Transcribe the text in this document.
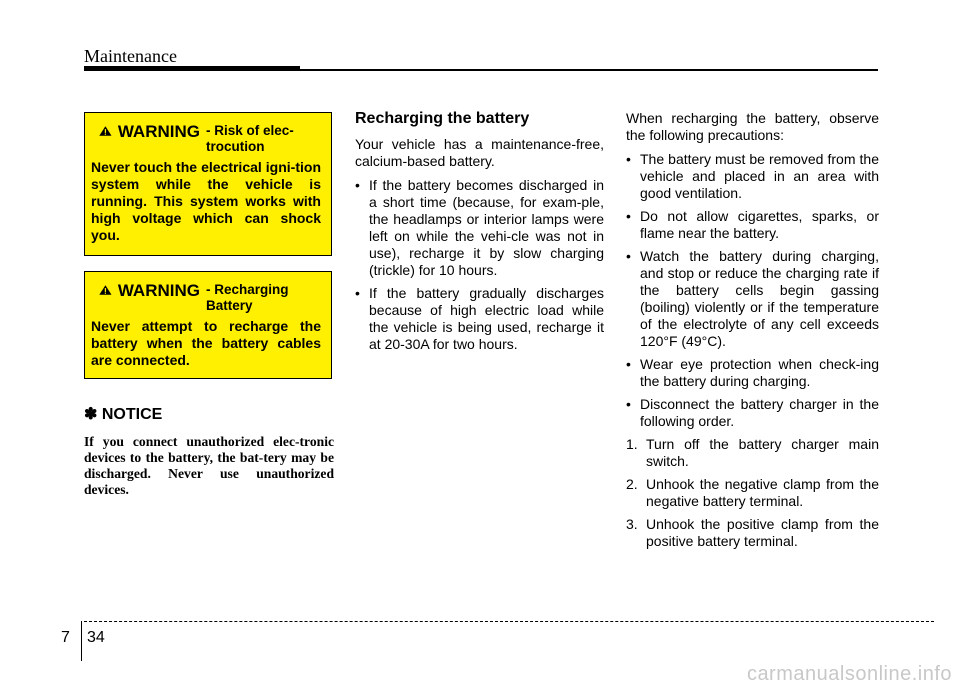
Maintenance
WARNING - Risk of elec-trocution
Never touch the electrical igni-tion system while the vehicle is running. This system works with high voltage which can shock you.
WARNING - Recharging Battery
Never attempt to recharge the battery when the battery cables are connected.
✽ NOTICE
If you connect unauthorized elec-tronic devices to the battery, the bat-tery may be discharged. Never use unauthorized devices.
Recharging the battery
Your vehicle has a maintenance-free, calcium-based battery.
• If the battery becomes discharged in a short time (because, for exam-ple, the headlamps or interior lamps were left on while the vehi-cle was not in use), recharge it by slow charging (trickle) for 10 hours.
• If the battery gradually discharges because of high electric load while the vehicle is being used, recharge it at 20-30A for two hours.
When recharging the battery, observe the following precautions:
• The battery must be removed from the vehicle and placed in an area with good ventilation.
• Do not allow cigarettes, sparks, or flame near the battery.
• Watch the battery during charging, and stop or reduce the charging rate if the battery cells begin gassing (boiling) violently or if the temperature of the electrolyte of any cell exceeds 120°F (49°C).
• Wear eye protection when check-ing the battery during charging.
• Disconnect the battery charger in the following order.
1. Turn off the battery charger main switch.
2. Unhook the negative clamp from the negative battery terminal.
3. Unhook the positive clamp from the positive battery terminal.
7 34
carmanualsonline.info
